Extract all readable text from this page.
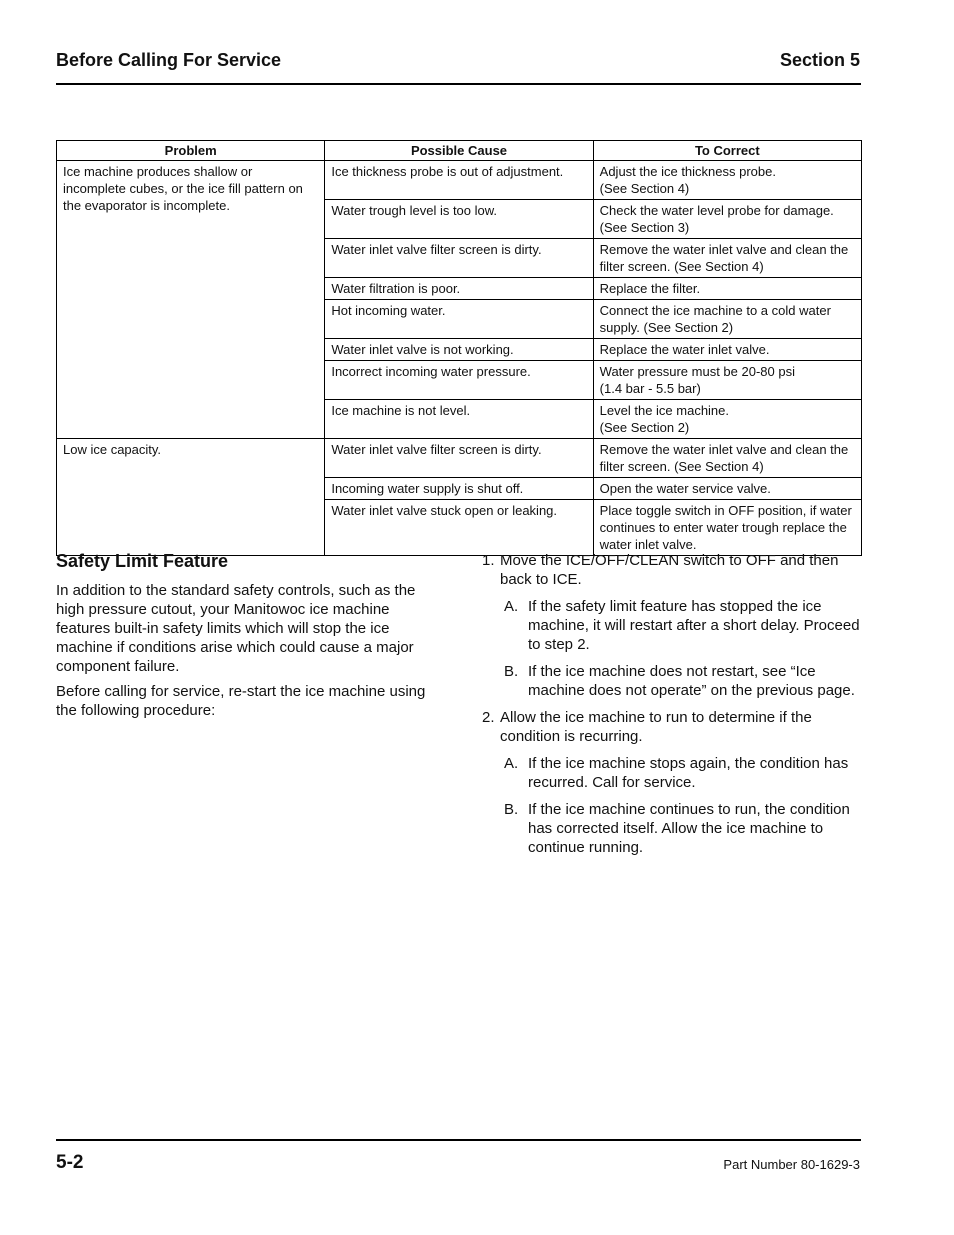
Before Calling For Service	Section 5
Problem	Possible Cause	To Correct
Ice machine produces shallow or incomplete cubes, or the ice fill pattern on the evaporator is incomplete.	Ice thickness probe is out of adjustment.	Adjust the ice thickness probe.
(See Section 4)
	Water trough level is too low.	Check the water level probe for damage. (See Section 3)
	Water inlet valve filter screen is dirty.	Remove the water inlet valve and clean the filter screen. (See Section 4)
	Water filtration is poor.	Replace the filter.
	Hot incoming water.	Connect the ice machine to a cold water supply. (See Section 2)
	Water inlet valve is not working.	Replace the water inlet valve.
	Incorrect incoming water pressure.	Water pressure must be 20-80 psi
(1.4 bar - 5.5 bar)
	Ice machine is not level.	Level the ice machine.
(See Section 2)
Low ice capacity.	Water inlet valve filter screen is dirty.	Remove the water inlet valve and clean the filter screen. (See Section 4)
	Incoming water supply is shut off.	Open the water service valve.
	Water inlet valve stuck open or leaking.	Place toggle switch in OFF position, if water continues to enter water trough replace the water inlet valve.
Safety Limit Feature
In addition to the standard safety controls, such as the high pressure cutout, your Manitowoc ice machine features built-in safety limits which will stop the ice machine if conditions arise which could cause a major component failure.
Before calling for service, re-start the ice machine using the following procedure:
1. Move the ICE/OFF/CLEAN switch to OFF and then back to ICE.
A. If the safety limit feature has stopped the ice machine, it will restart after a short delay. Proceed to step 2.
B. If the ice machine does not restart, see “Ice machine does not operate” on the previous page.
2. Allow the ice machine to run to determine if the condition is recurring.
A. If the ice machine stops again, the condition has recurred. Call for service.
B. If the ice machine continues to run, the condition has corrected itself. Allow the ice machine to continue running.
5-2	Part Number 80-1629-3
